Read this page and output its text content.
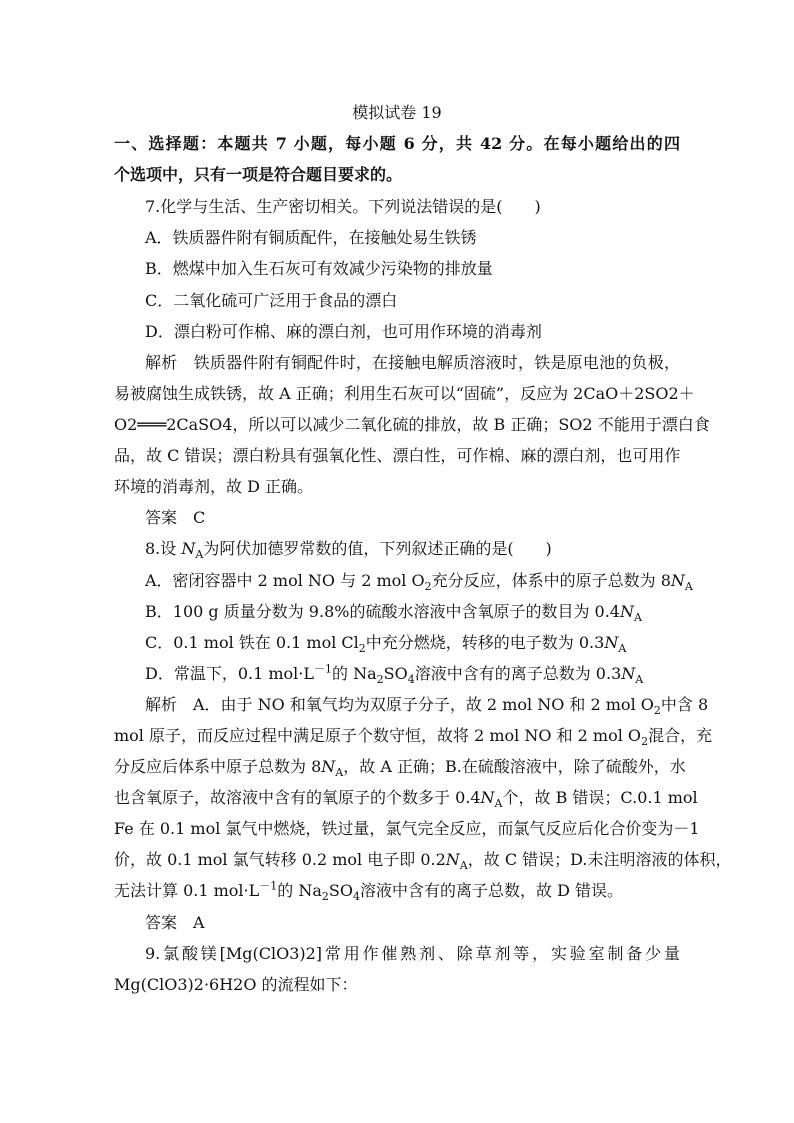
模拟试卷 19
一、选择题：本题共 7 小题，每小题 6 分，共 42 分。在每小题给出的四
个选项中，只有一项是符合题目要求的。
7.化学与生活、生产密切相关。下列说法错误的是(　　)
A．铁质器件附有铜质配件，在接触处易生铁锈
B．燃煤中加入生石灰可有效减少污染物的排放量
C．二氧化硫可广泛用于食品的漂白
D．漂白粉可作棉、麻的漂白剂，也可用作环境的消毒剂
解析　铁质器件附有铜配件时，在接触电解质溶液时，铁是原电池的负极，
易被腐蚀生成铁锈，故 A 正确；利用生石灰可以“固硫”，反应为 2CaO＋2SO2＋
O2═══2CaSO4，所以可以减少二氧化硫的排放，故 B 正确；SO2 不能用于漂白食
品，故 C 错误；漂白粉具有强氧化性、漂白性，可作棉、麻的漂白剂，也可用作
环境的消毒剂，故 D 正确。
答案　C
8.设 $N_A$为阿伏加德罗常数的值，下列叙述正确的是(　　)
A．密闭容器中 2 mol NO 与 2 mol $O_2$充分反应，体系中的原子总数为 $8N_A$
B．100 g 质量分数为 9.8%的硫酸水溶液中含氧原子的数目为 $0.4N_A$
C．0.1 mol 铁在 0.1 mol $Cl_2$中充分燃烧，转移的电子数为 $0.3N_A$
D．常温下，0.1 $mol\cdot L^{-1}$的 $Na_2SO_4$溶液中含有的离子总数为 $0.3N_A$
解析　A．由于 NO 和氧气均为双原子分子，故 2 mol NO 和 2 mol $O_2$中含 8
mol 原子，而反应过程中满足原子个数守恒，故将 2 mol NO 和 2 mol $O_2$混合，充
分反应后体系中原子总数为 $8N_A$，故 A 正确；B.在硫酸溶液中，除了硫酸外，水
也含氧原子，故溶液中含有的氧原子的个数多于 $0.4N_A$个，故 B 错误；C.0.1 mol
Fe 在 0.1 mol 氯气中燃烧，铁过量，氯气完全反应，而氯气反应后化合价变为－1
价，故 0.1 mol 氯气转移 0.2 mol 电子即 $0.2N_A$，故 C 错误；D.未注明溶液的体积，
无法计算 0.1 $mol\cdot L^{-1}$的 $Na_2SO_4$溶液中含有的离子总数，故 D 错误。
答案　A
9.氯酸镁[Mg(ClO3)2]常用作催熟剂、除草剂等，实验室制备少量
Mg(ClO3)2·6H2O 的流程如下：
